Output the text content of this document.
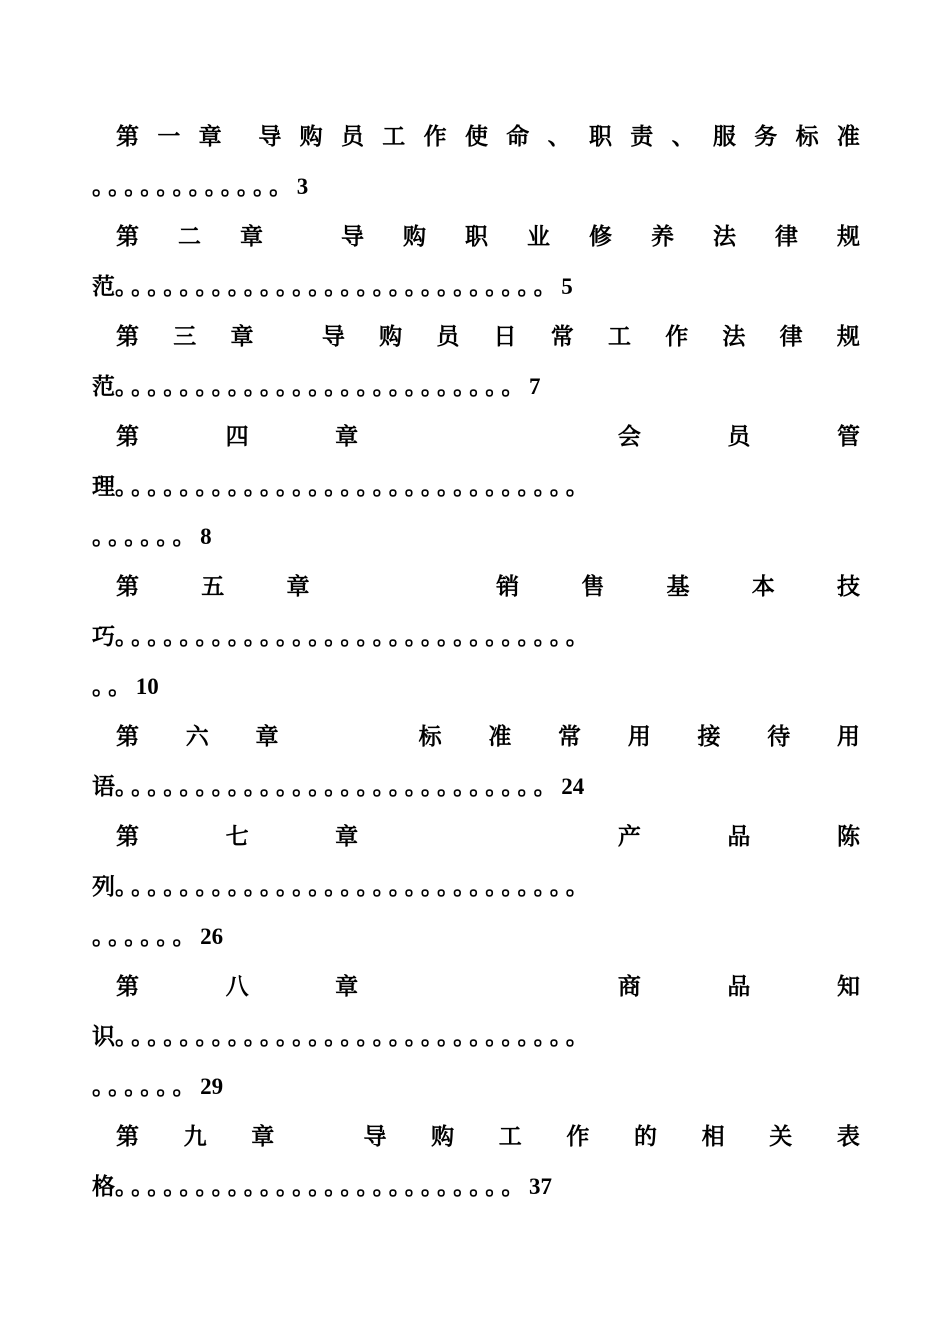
第 一 章 导 购 员 工 作 使 命 、 职 责 、 服 务 标 准
。。。。。。。。。。。。 3
第 二 章	导 购 职 业 修 养 法 律 规
范 。。。。。。。。。。。。。。。。。。。。。。。。。。。 5
第 三 章	导 购 员 日 常 工 作 法 律 规
范 。。。。。。。。。。。。。。。。。。。。。。。。。 7
第	四	章	会	员	管
理 。。。。。。。。。。。。。。。。。。。。。。。。。。。。。
。。。。。。 8
第	五	章	销	售	基	本	技
巧 。。。。。。。。。。。。。。。。。。。。。。。。。。。。。
。。 10
第 六 章	标 准 常 用 接 待 用
语 。。。。。。。。。。。。。。。。。。。。。。。。。。。 24
第	七	章	产	品	陈
列 。。。。。。。。。。。。。。。。。。。。。。。。。。。。。
。。。。。。 26
第	八	章	商	品	知
识 。。。。。。。。。。。。。。。。。。。。。。。。。。。。。
。。。。。。 29
第 九 章	导 购 工 作 的 相 关 表
格 。。。。。。。。。。。。。。。。。。。。。。。。。 37
